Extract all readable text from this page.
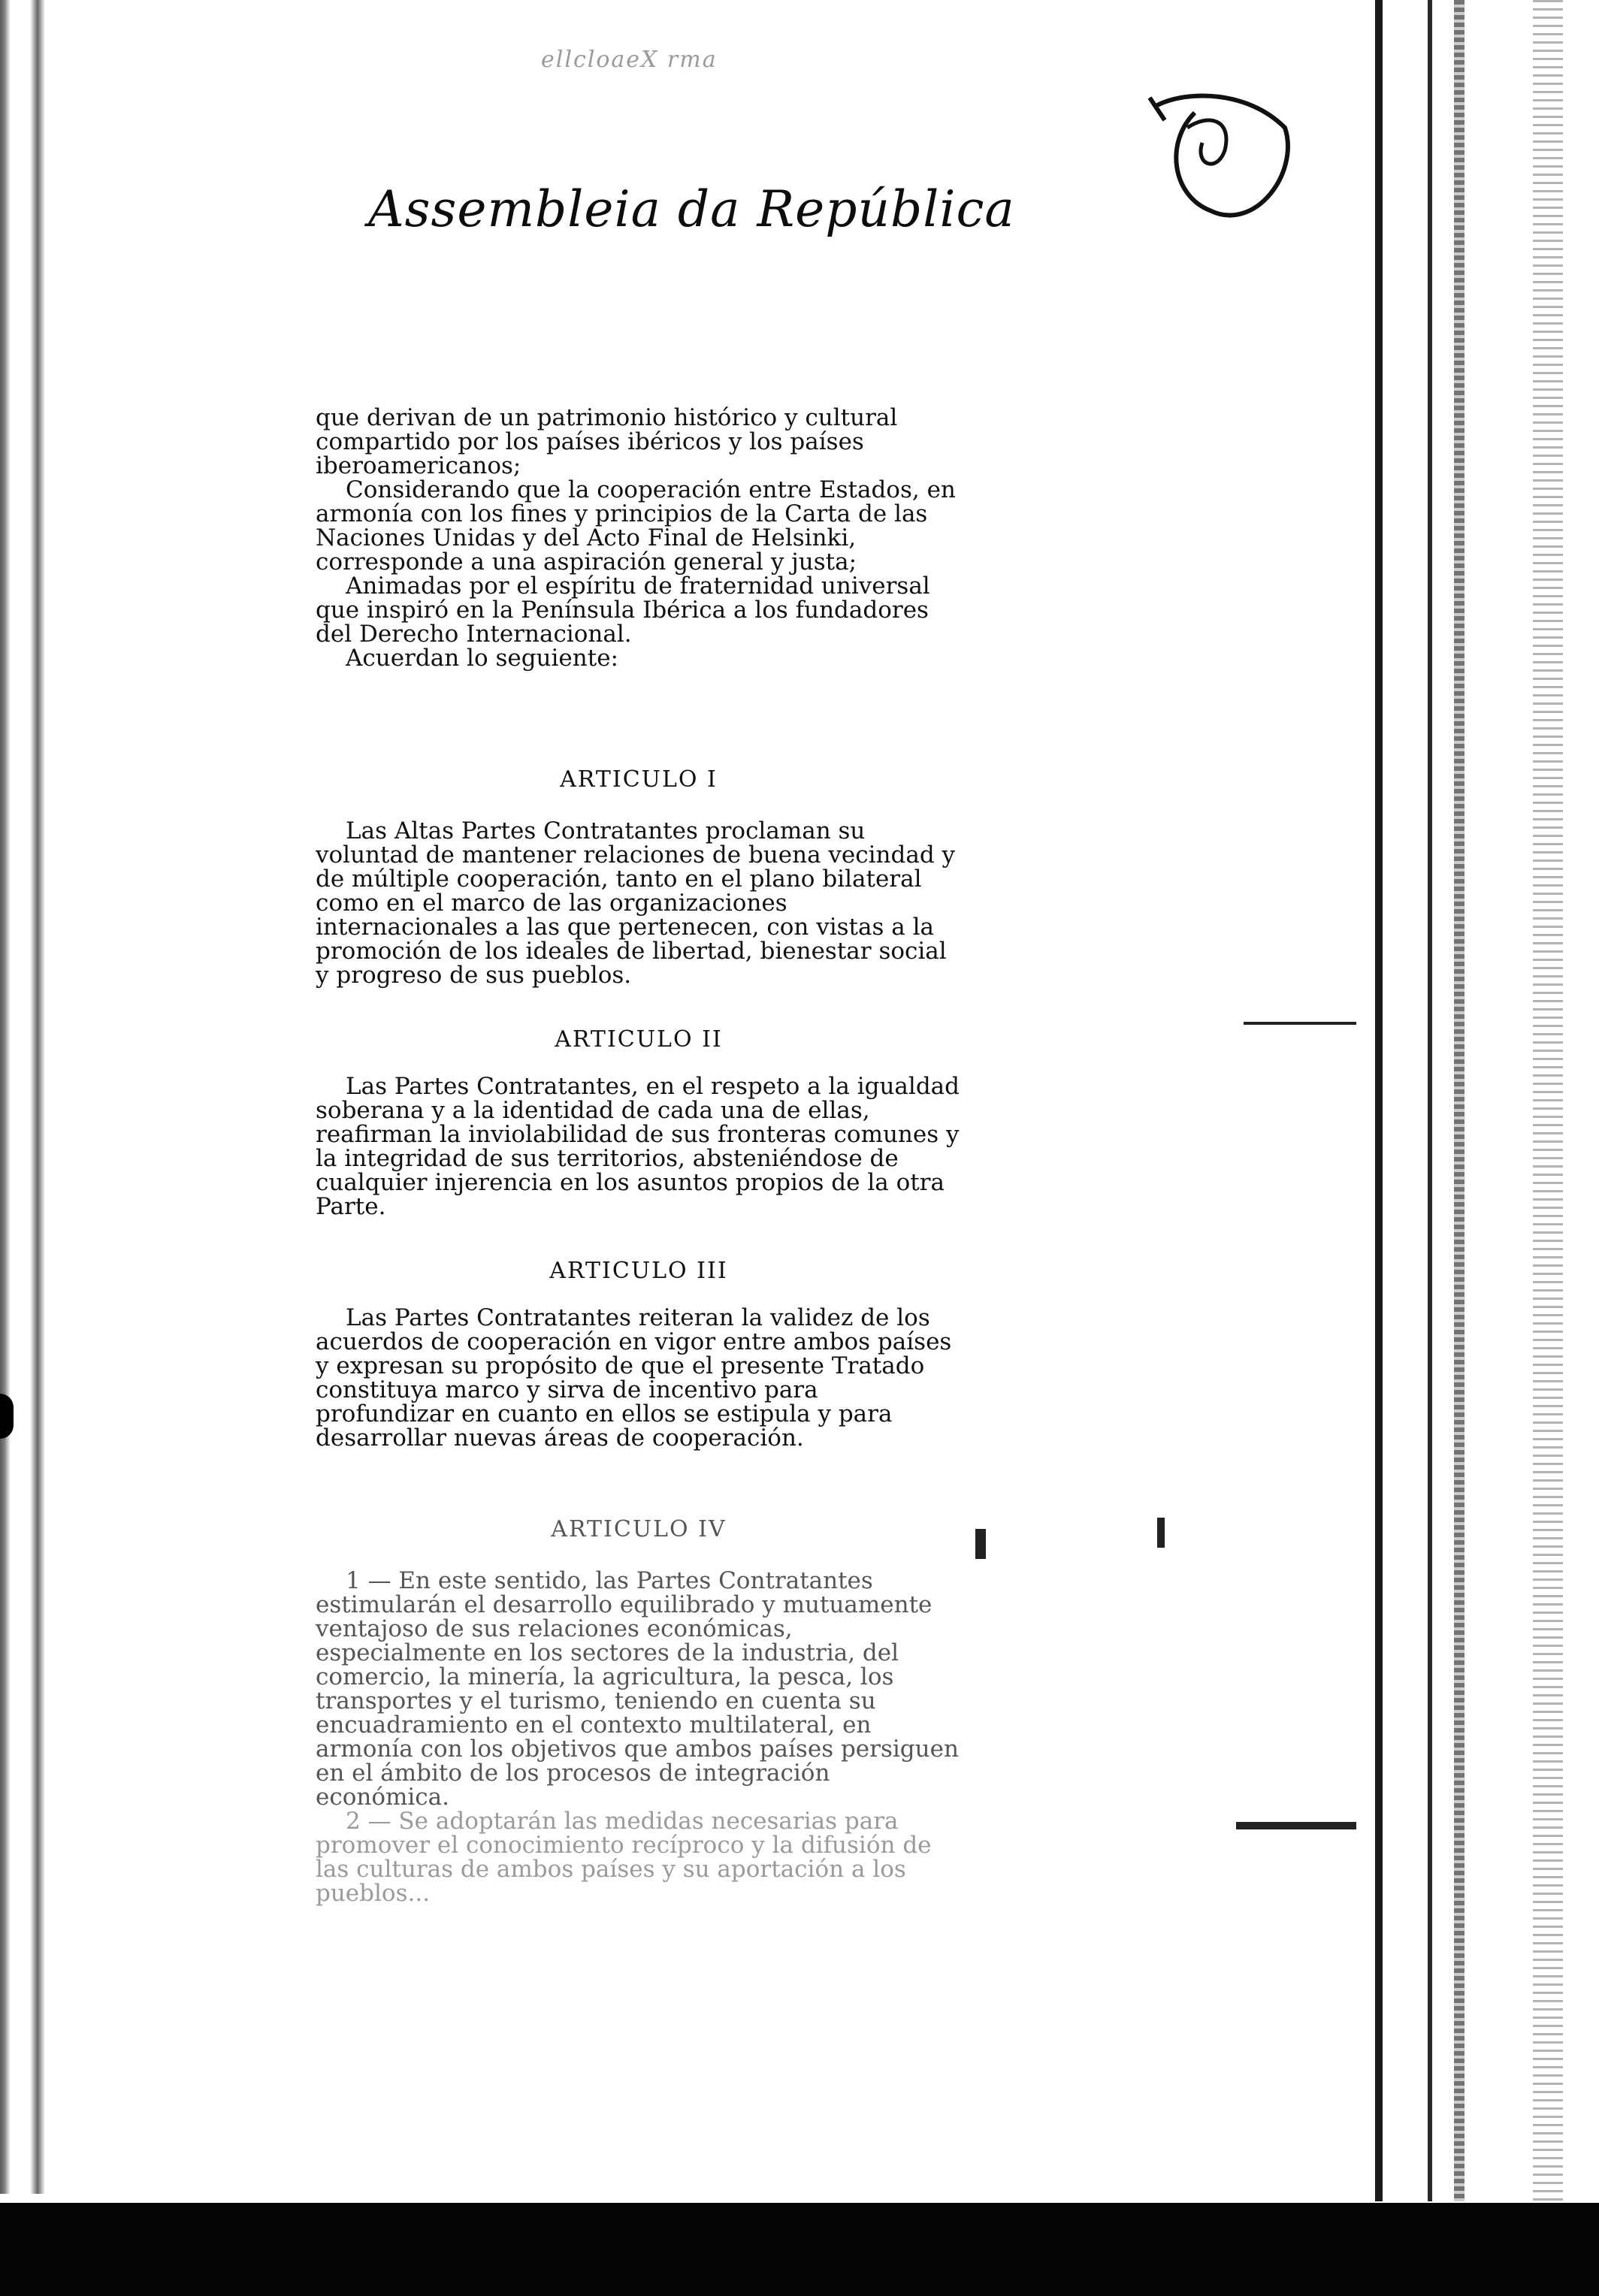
ellcloaeX rma
Assembleia da República

que derivan de un patrimonio histórico y cultural compartido por los países ibéricos y los países iberoamericanos;

Considerando que la cooperación entre Estados, en armonía con los fines y principios de la Carta de las Naciones Unidas y del Acto Final de Helsinki, corresponde a una aspiración general y justa;

Animadas por el espíritu de fraternidad universal que inspiró en la Península Ibérica a los fundadores del Derecho Internacional.

Acuerdan lo seguiente:

ARTICULO I

Las Altas Partes Contratantes proclaman su voluntad de mantener relaciones de buena vecindad y de múltiple cooperación, tanto en el plano bilateral como en el marco de las organizaciones internacionales a las que pertenecen, con vistas a la promoción de los ideales de libertad, bienestar social y progreso de sus pueblos.

ARTICULO II

Las Partes Contratantes, en el respeto a la igualdad soberana y a la identidad de cada una de ellas, reafirman la inviolabilidad de sus fronteras comunes y la integridad de sus territorios, absteniéndose de cualquier injerencia en los asuntos propios de la otra Parte.

ARTICULO III

Las Partes Contratantes reiteran la validez de los acuerdos de cooperación en vigor entre ambos países y expresan su propósito de que el presente Tratado constituya marco y sirva de incentivo para profundizar en cuanto en ellos se estipula y para desarrollar nuevas áreas de cooperación.

ARTICULO IV

1 — En este sentido, las Partes Contratantes estimularán el desarrollo equilibrado y mutuamente ventajoso de sus relaciones económicas, especialmente en los sectores de la industria, del comercio, la minería, la agricultura, la pesca, los transportes y el turismo, teniendo en cuenta su encuadramiento en el contexto multilateral, en armonía con los objetivos que ambos países persiguen en el ámbito de los procesos de integración económica.

2 — Se adoptarán las medidas necesarias para promover el conocimiento recíproco y la difusión de las culturas de ambos países y su aportación a los pueblos...
